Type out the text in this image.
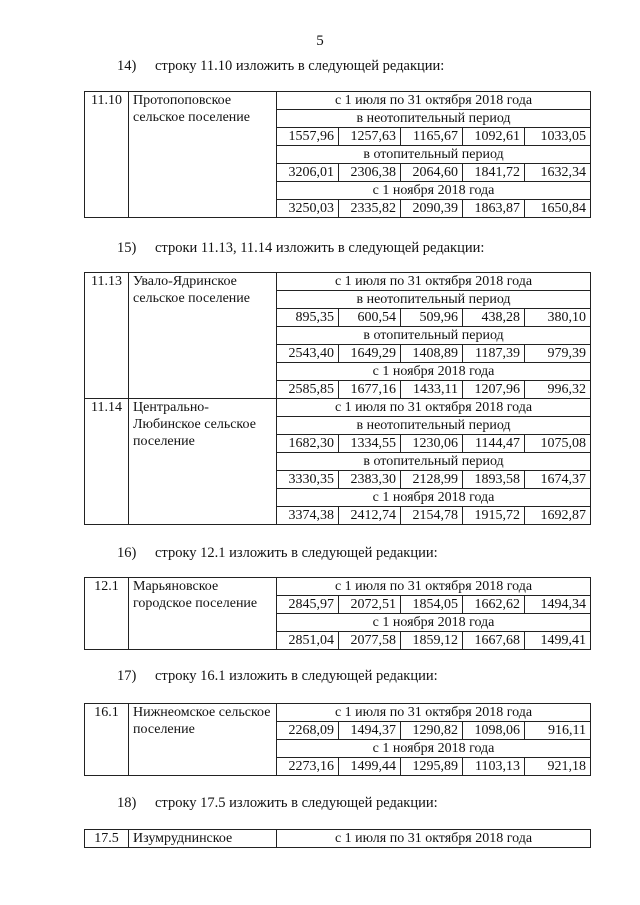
5
14) строку 11.10 изложить в следующей редакции:
11.10	Протопоповское сельское поселение	с 1 июля по 31 октября 2018 года				
		в неотопительный период				
		1557,96	1257,63	1165,67	1092,61	1033,05
		в отопительный период				
		3206,01	2306,38	2064,60	1841,72	1632,34
		с 1 ноября 2018 года				
		3250,03	2335,82	2090,39	1863,87	1650,84
15) строки 11.13, 11.14 изложить в следующей редакции:
11.13	Увало-Ядринское сельское поселение	с 1 июля по 31 октября 2018 года				
		в неотопительный период				
		895,35	600,54	509,96	438,28	380,10
		в отопительный период				
		2543,40	1649,29	1408,89	1187,39	979,39
		с 1 ноября 2018 года				
		2585,85	1677,16	1433,11	1207,96	996,32
11.14	Центрально-Любинское сельское поселение	с 1 июля по 31 октября 2018 года				
		в неотопительный период				
		1682,30	1334,55	1230,06	1144,47	1075,08
		в отопительный период				
		3330,35	2383,30	2128,99	1893,58	1674,37
		с 1 ноября 2018 года				
		3374,38	2412,74	2154,78	1915,72	1692,87
16) строку 12.1 изложить в следующей редакции:
12.1	Марьяновское городское поселение	с 1 июля по 31 октября 2018 года				
		2845,97	2072,51	1854,05	1662,62	1494,34
		с 1 ноября 2018 года				
		2851,04	2077,58	1859,12	1667,68	1499,41
17) строку 16.1 изложить в следующей редакции:
16.1	Нижнеомское сельское поселение	с 1 июля по 31 октября 2018 года				
		2268,09	1494,37	1290,82	1098,06	916,11
		с 1 ноября 2018 года				
		2273,16	1499,44	1295,89	1103,13	921,18
18) строку 17.5 изложить в следующей редакции:
17.5	Изумруднинское	с 1 июля по 31 октября 2018 года
